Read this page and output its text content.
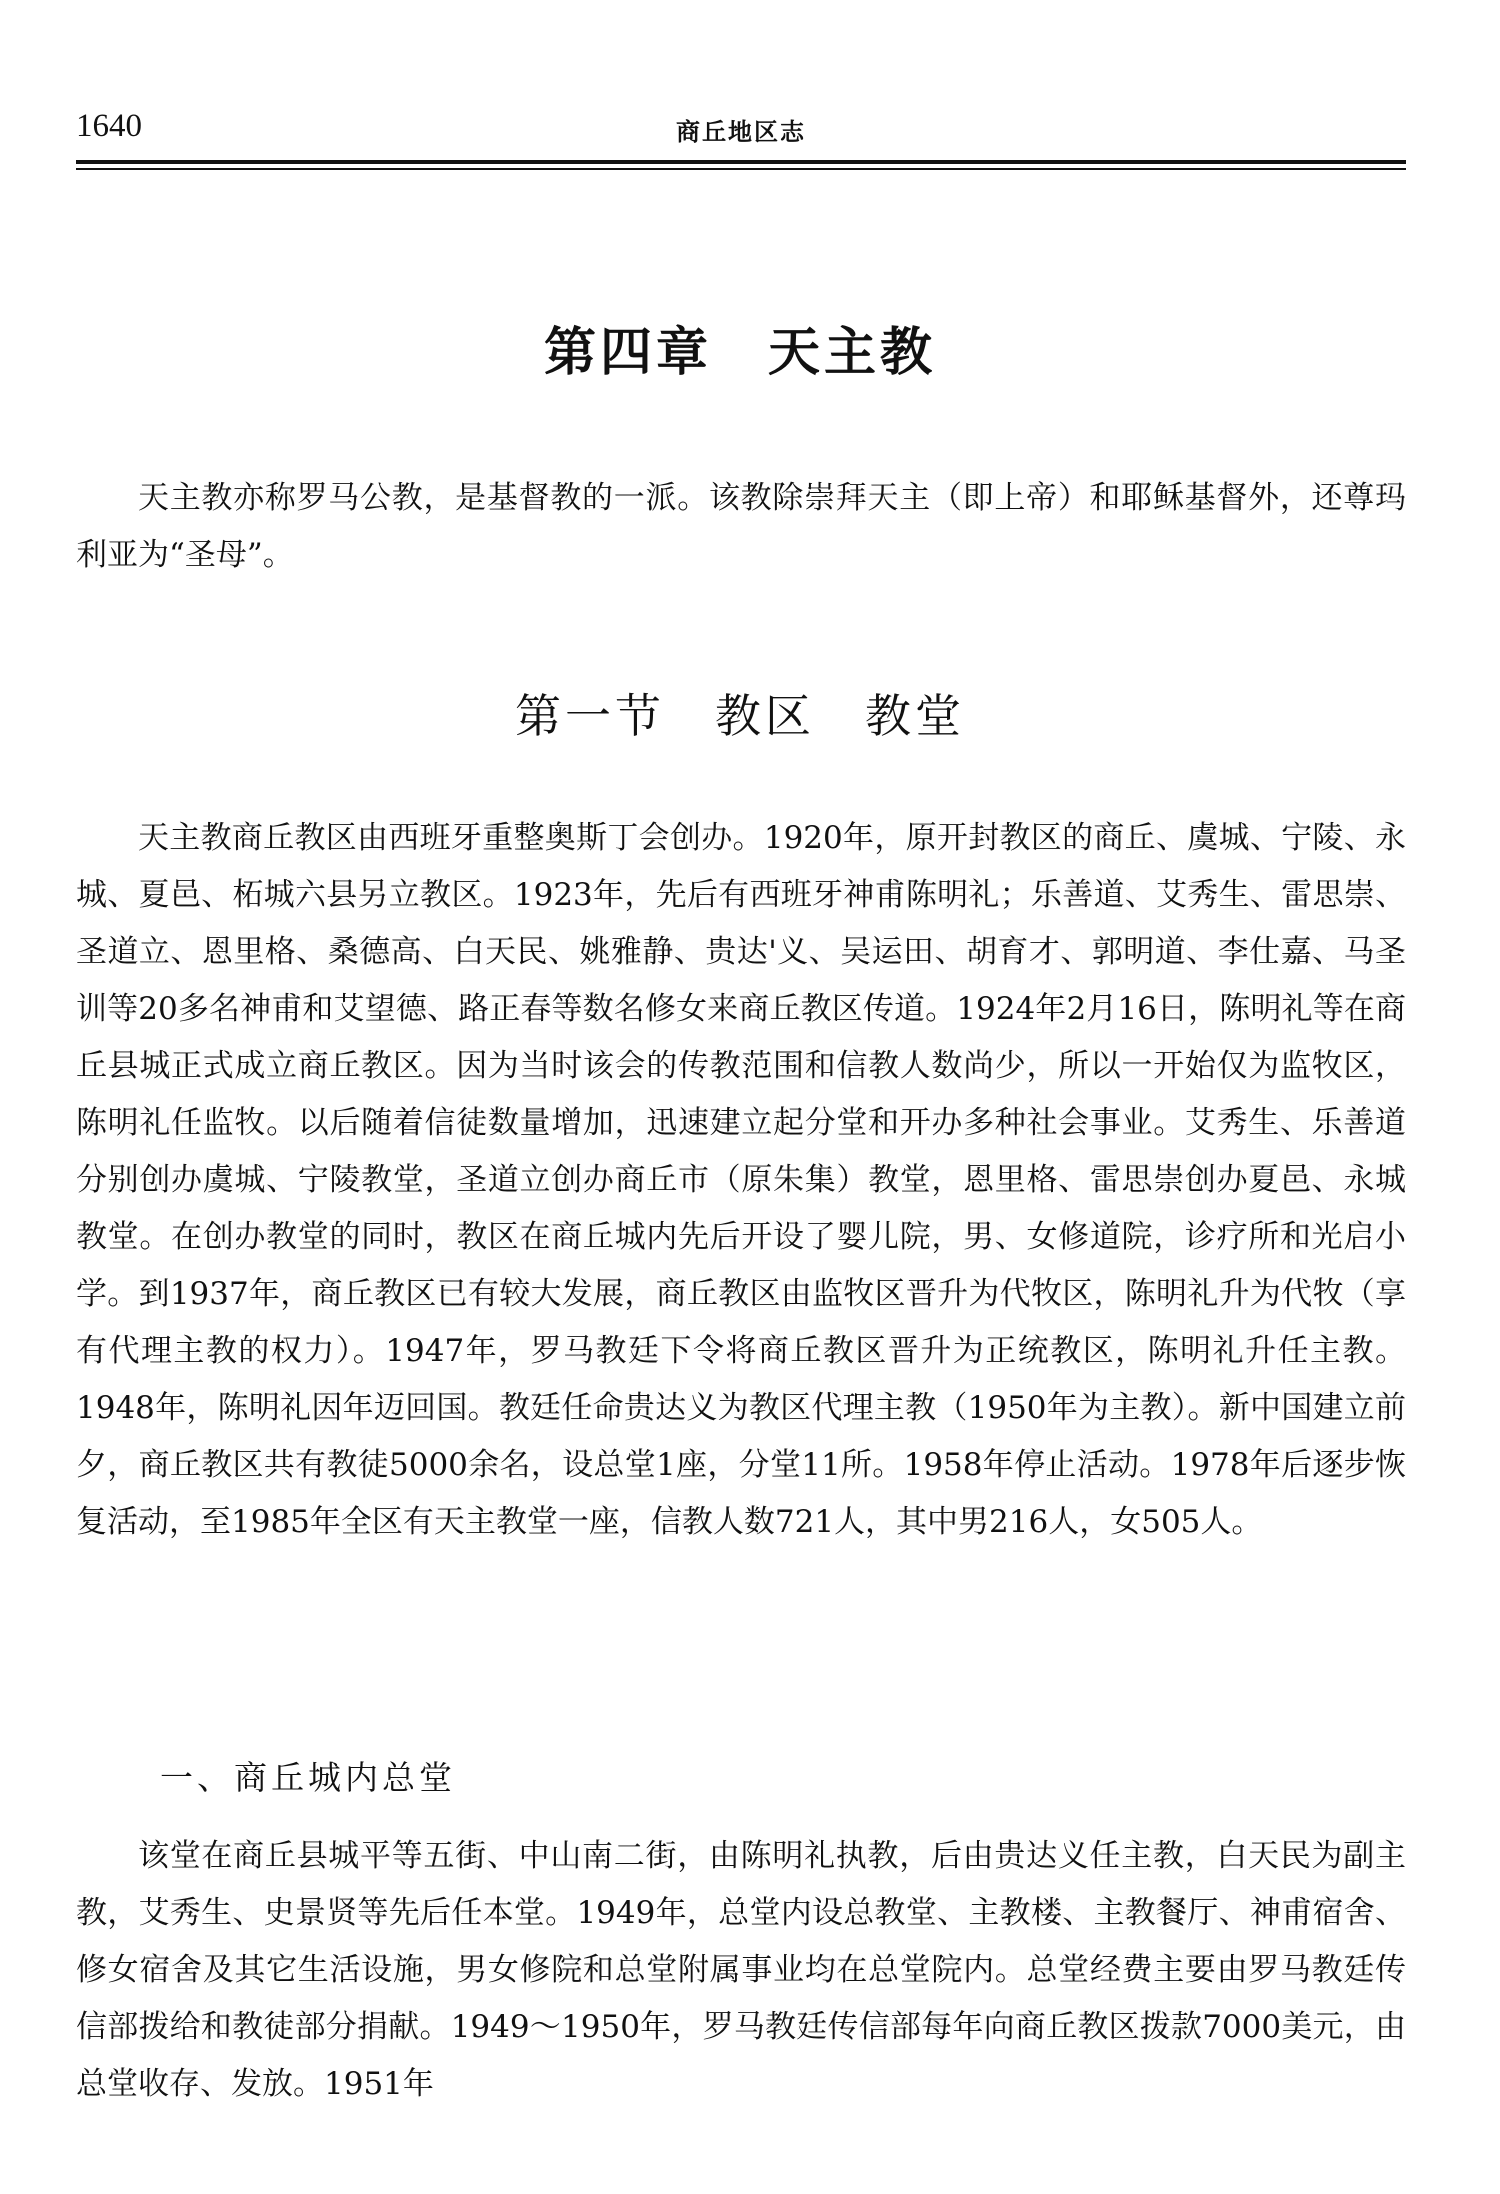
1640	商丘地区志
第四章　天主教

天主教亦称罗马公教，是基督教的一派。该教除崇拜天主（即上帝）和耶稣基督外，还尊玛利亚为“圣母”。

第一节　教区　教堂

天主教商丘教区由西班牙重整奥斯丁会创办。1920年，原开封教区的商丘、虞城、宁陵、永城、夏邑、柘城六县另立教区。1923年，先后有西班牙神甫陈明礼；乐善道、艾秀生、雷思崇、圣道立、恩里格、桑德高、白天民、姚雅静、贵达'义、吴运田、胡育才、郭明道、李仕嘉、马圣训等20多名神甫和艾望德、路正春等数名修女来商丘教区传道。1924年2月16日，陈明礼等在商丘县城正式成立商丘教区。因为当时该会的传教范围和信教人数尚少，所以一开始仅为监牧区，陈明礼任监牧。以后随着信徒数量增加，迅速建立起分堂和开办多种社会事业。艾秀生、乐善道分别创办虞城、宁陵教堂，圣道立创办商丘市（原朱集）教堂，恩里格、雷思崇创办夏邑、永城教堂。在创办教堂的同时，教区在商丘城内先后开设了婴儿院，男、女修道院，诊疗所和光启小学。到1937年，商丘教区已有较大发展，商丘教区由监牧区晋升为代牧区，陈明礼升为代牧（享有代理主教的权力）。1947年，罗马教廷下令将商丘教区晋升为正统教区，陈明礼升任主教。1948年，陈明礼因年迈回国。教廷任命贵达义为教区代理主教（1950年为主教）。新中国建立前夕，商丘教区共有教徒5000余名，设总堂1座，分堂11所。1958年停止活动。1978年后逐步恢复活动，至1985年全区有天主教堂一座，信教人数721人，其中男216人，女505人。

一、商丘城内总堂

该堂在商丘县城平等五街、中山南二街，由陈明礼执教，后由贵达义任主教，白天民为副主教，艾秀生、史景贤等先后任本堂。1949年，总堂内设总教堂、主教楼、主教餐厅、神甫宿舍、修女宿舍及其它生活设施，男女修院和总堂附属事业均在总堂院内。总堂经费主要由罗马教廷传信部拨给和教徒部分捐献。1949～1950年，罗马教廷传信部每年向商丘教区拨款7000美元，由总堂收存、发放。1951年
